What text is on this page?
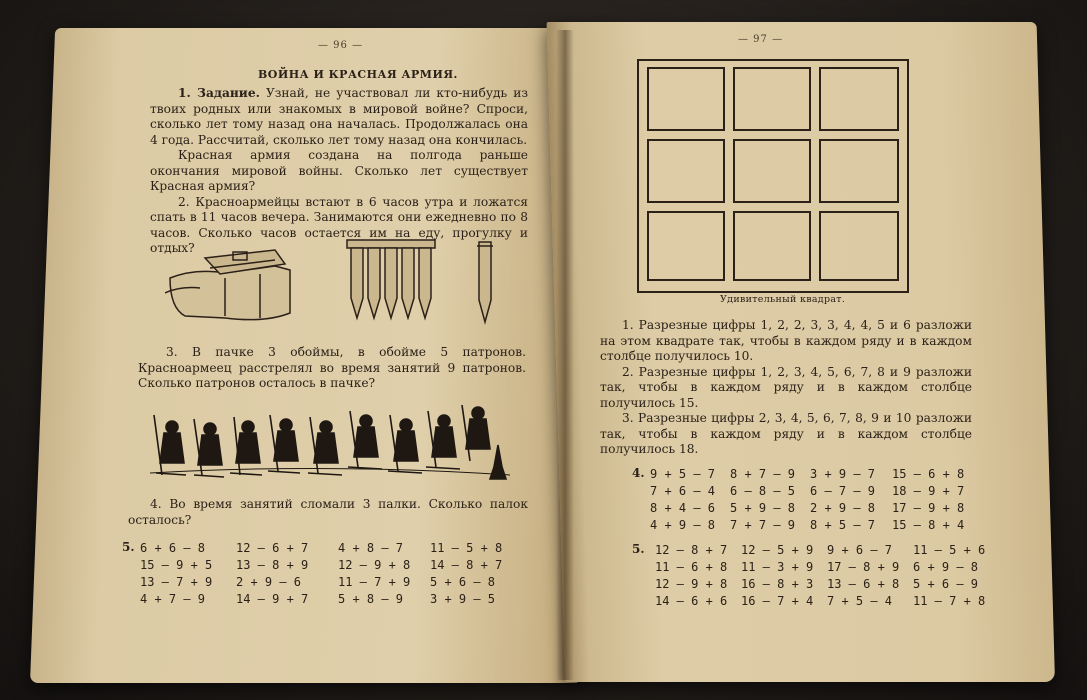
— 96 —
ВОЙНА И КРАСНАЯ АРМИЯ.

1. Задание. Узнай, не участвовал ли кто-нибудь из твоих родных или знакомых в мировой войне? Спроси, сколько лет тому назад она началась. Продолжалась она 4 года. Рассчитай, сколько лет тому назад она кончилась.

Красная армия создана на полгода раньше окончания мировой войны. Сколько лет существует Красная армия?

2. Красноармейцы встают в 6 часов утра и ложатся спать в 11 часов вечера. Занимаются они ежедневно по 8 часов. Сколько часов остается им на еду, прогулку и отдых?

3. В пачке 3 обоймы, в обойме 5 патронов. Красноармеец расстрелял во время занятий 9 патронов. Сколько патронов осталось в пачке?

4. Во время занятий сломали 3 палки. Сколько палок осталось?

5. 6 + 6 — 8	12 — 6 + 7	4 + 8 — 7	11 — 5 + 8
15 — 9 + 5	13 — 8 + 9	12 — 9 + 8	14 — 8 + 7
13 — 7 + 9	2 + 9 — 6	11 — 7 + 9	5 + 6 — 8
4 + 7 — 9	14 — 9 + 7	5 + 8 — 9	3 + 9 — 5
— 97 —
Удивительный квадрат.

1. Разрезные цифры 1, 2, 2, 3, 3, 4, 4, 5 и 6 разложи на этом квадрате так, чтобы в каждом ряду и в каждом столбце получилось 10.

2. Разрезные цифры 1, 2, 3, 4, 5, 6, 7, 8 и 9 разложи так, чтобы в каждом ряду и в каждом столбце получилось 15.

3. Разрезные цифры 2, 3, 4, 5, 6, 7, 8, 9 и 10 разложи так, чтобы в каждом ряду и в каждом столбце получилось 18.

4. 9 + 5 — 7	8 + 7 — 9	3 + 9 — 7	15 — 6 + 8
7 + 6 — 4	6 — 8 — 5	6 — 7 — 9	18 — 9 + 7
8 + 4 — 6	5 + 9 — 8	2 + 9 — 8	17 — 9 + 8
4 + 9 — 8	7 + 7 — 9	8 + 5 — 7	15 — 8 + 4
5. 12 — 8 + 7	12 — 5 + 9	9 + 6 — 7	11 — 5 + 6
11 — 6 + 8	11 — 3 + 9	17 — 8 + 9	6 + 9 — 8
12 — 9 + 8	16 — 8 + 3	13 — 6 + 8	5 + 6 — 9
14 — 6 + 6	16 — 7 + 4	7 + 5 — 4	11 — 7 + 8
